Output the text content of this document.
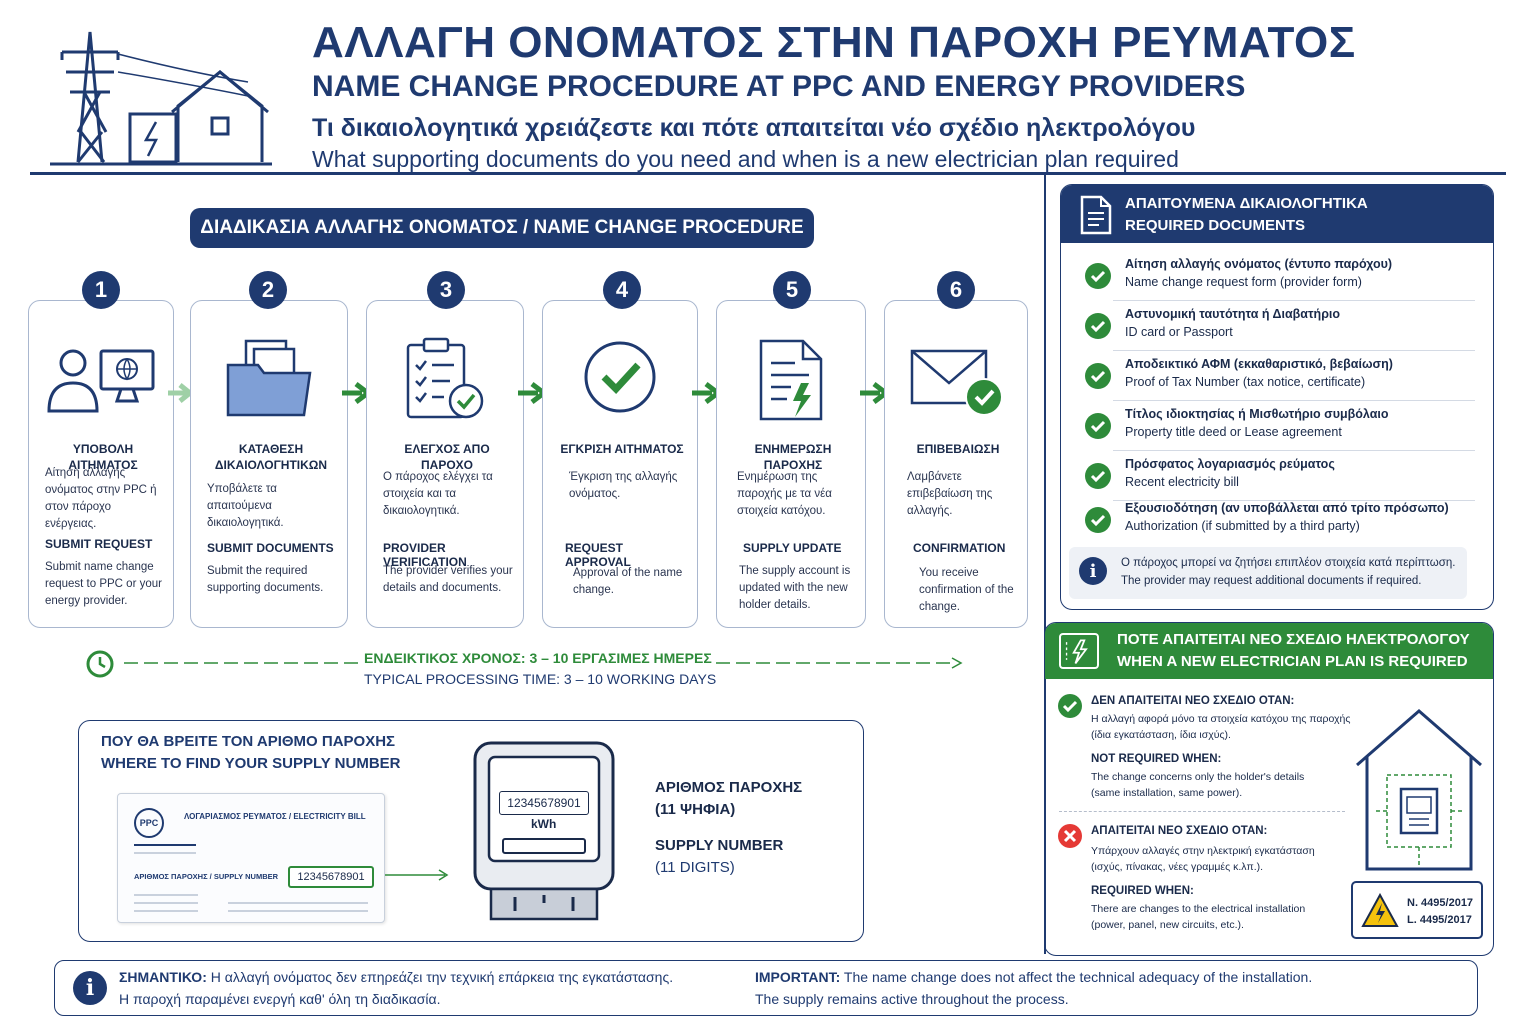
ΑΛΛΑΓΗ ΟΝΟΜΑΤΟΣ ΣΤΗΝ ΠΑΡΟΧΗ ΡΕΥΜΑΤΟΣ
NAME CHANGE PROCEDURE AT PPC AND ENERGY PROVIDERS
Τι δικαιολογητικά χρειάζεστε και πότε απαιτείται νέο σχέδιο ηλεκτρολόγου
What supporting documents do you need and when is a new electrician plan required
ΔΙΑΔΙΚΑΣΙΑ ΑΛΛΑΓΗΣ ΟΝΟΜΑΤΟΣ / NAME CHANGE PROCEDURE
1
ΥΠΟΒΟΛΗ ΑΙΤΗΜΑΤΟΣ
Αίτηση αλλαγής ονόματος στην PPC ή στον πάροχο ενέργειας.
SUBMIT REQUEST
Submit name change request to PPC or your energy provider.
2
ΚΑΤΑΘΕΣΗ ΔΙΚΑΙΟΛΟΓΗΤΙΚΩΝ
Υποβάλετε τα απαιτούμενα δικαιολογητικά.
SUBMIT DOCUMENTS
Submit the required supporting documents.
3
ΕΛΕΓΧΟΣ ΑΠΟ ΠΑΡΟΧΟ
Ο πάροχος ελέγχει τα στοιχεία και τα δικαιολογητικά.
PROVIDER VERIFICATION
The provider verifies your details and documents.
4
ΕΓΚΡΙΣΗ ΑΙΤΗΜΑΤΟΣ
Έγκριση της αλλαγής ονόματος.
REQUEST APPROVAL
Approval of the name change.
5
ΕΝΗΜΕΡΩΣΗ ΠΑΡΟΧΗΣ
Ενημέρωση της παροχής με τα νέα στοιχεία κατόχου.
SUPPLY UPDATE
The supply account is updated with the new holder details.
6
ΕΠΙΒΕΒΑΙΩΣΗ
Λαμβάνετε επιβεβαίωση της αλλαγής.
CONFIRMATION
You receive confirmation of the change.
ΕΝΔΕΙΚΤΙΚΟΣ ΧΡΟΝΟΣ: 3 – 10 ΕΡΓΑΣΙΜΕΣ ΗΜΕΡΕΣ
TYPICAL PROCESSING TIME: 3 – 10 WORKING DAYS
ΠΟΥ ΘΑ ΒΡΕΙΤΕ ΤΟΝ ΑΡΙΘΜΟ ΠΑΡΟΧΗΣ
WHERE TO FIND YOUR SUPPLY NUMBER
PPC
ΛΟΓΑΡΙΑΣΜΟΣ ΡΕΥΜΑΤΟΣ / ELECTRICITY BILL
ΑΡΙΘΜΟΣ ΠΑΡΟΧΗΣ / SUPPLY NUMBER	12345678901
12345678901
kWh
ΑΡΙΘΜΟΣ ΠΑΡΟΧΗΣ
(11 ΨΗΦΙΑ)
SUPPLY NUMBER
(11 DIGITS)
i	ΣΗΜΑΝΤΙΚΟ: Η αλλαγή ονόματος δεν επηρεάζει την τεχνική επάρκεια της εγκατάστασης.
Η παροχή παραμένει ενεργή καθ' όλη τη διαδικασία.
IMPORTANT: The name change does not affect the technical adequacy of the installation.
The supply remains active throughout the process.
ΑΠΑΙΤΟΥΜΕΝΑ ΔΙΚΑΙΟΛΟΓΗΤΙΚΑ
REQUIRED DOCUMENTS
Αίτηση αλλαγής ονόματος (έντυπο παρόχου)
Name change request form (provider form)
Αστυνομική ταυτότητα ή Διαβατήριο
ID card or Passport
Αποδεικτικό ΑΦΜ (εκκαθαριστικό, βεβαίωση)
Proof of Tax Number (tax notice, certificate)
Τίτλος ιδιοκτησίας ή Μισθωτήριο συμβόλαιο
Property title deed or Lease agreement
Πρόσφατος λογαριασμός ρεύματος
Recent electricity bill
Εξουσιοδότηση (αν υποβάλλεται από τρίτο πρόσωπο)
Authorization (if submitted by a third party)
i	Ο πάροχος μπορεί να ζητήσει επιπλέον στοιχεία κατά περίπτωση.
The provider may request additional documents if required.
ΠΟΤΕ ΑΠΑΙΤΕΙΤΑΙ ΝΕΟ ΣΧΕΔΙΟ ΗΛΕΚΤΡΟΛΟΓΟΥ
WHEN A NEW ELECTRICIAN PLAN IS REQUIRED
ΔΕΝ ΑΠΑΙΤΕΙΤΑΙ ΝΕΟ ΣΧΕΔΙΟ ΟΤΑΝ:
Η αλλαγή αφορά μόνο τα στοιχεία κατόχου της παροχής
(ίδια εγκατάσταση, ίδια ισχύς).
NOT REQUIRED WHEN:
The change concerns only the holder's details
(same installation, same power).
ΑΠΑΙΤΕΙΤΑΙ ΝΕΟ ΣΧΕΔΙΟ ΟΤΑΝ:
Υπάρχουν αλλαγές στην ηλεκτρική εγκατάσταση
(ισχύς, πίνακας, νέες γραμμές κ.λπ.).
REQUIRED WHEN:
There are changes to the electrical installation
(power, panel, new circuits, etc.).
Ν. 4495/2017
L. 4495/2017
